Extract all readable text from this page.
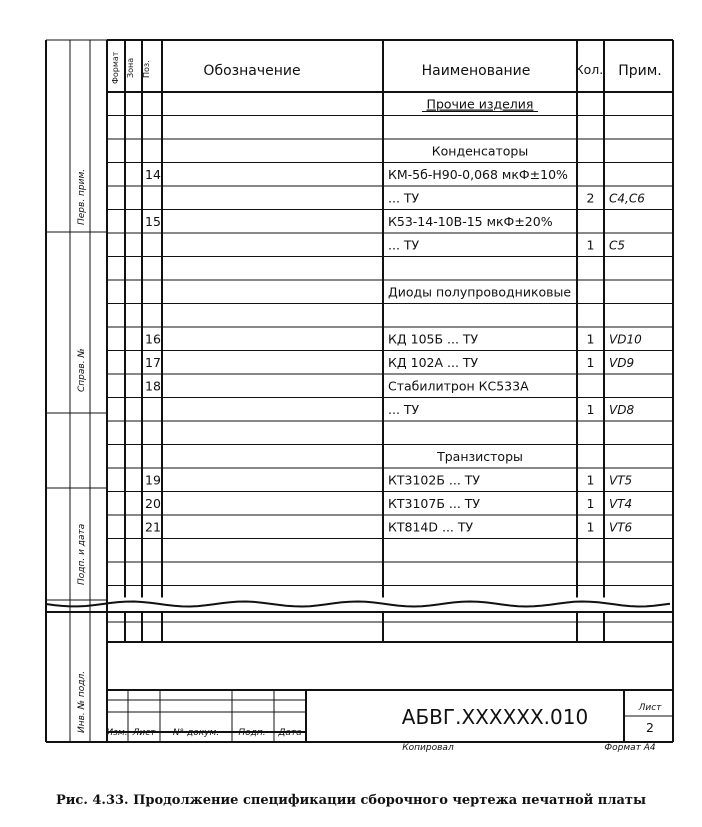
Прочие изделия
Конденсаторы
14	КМ-5б-Н90-0,068 мкФ±10%
... ТУ	2 С4,С6
15	К53-14-10В-15 мкФ±20%
... ТУ	1 С5
Диоды полупроводниковые
16	КД 105Б ... ТУ	1 VD10
17	КД 102А ... ТУ	1 VD9
18	Стабилитрон КС533А
... ТУ	1 VD8
Транзисторы
19	КТ3102Б ... ТУ	1 VT5
20	КТ3107Б ... ТУ	1 VT4
21	КТ814D ... ТУ	1 VT6
Формат Зона Поз.	Обозначение	Наименование	Кол. Прим.
Перв. прим.
Справ. №
Подп. и дата
Инв. № подл.	АБВГ.XXXXXX.010	Лист
2
Изм. Лист N° докум. Подп. Дата
Копировал	Формат А4
Рис. 4.33. Продолжение спецификации сборочного чертежа печатной платы
